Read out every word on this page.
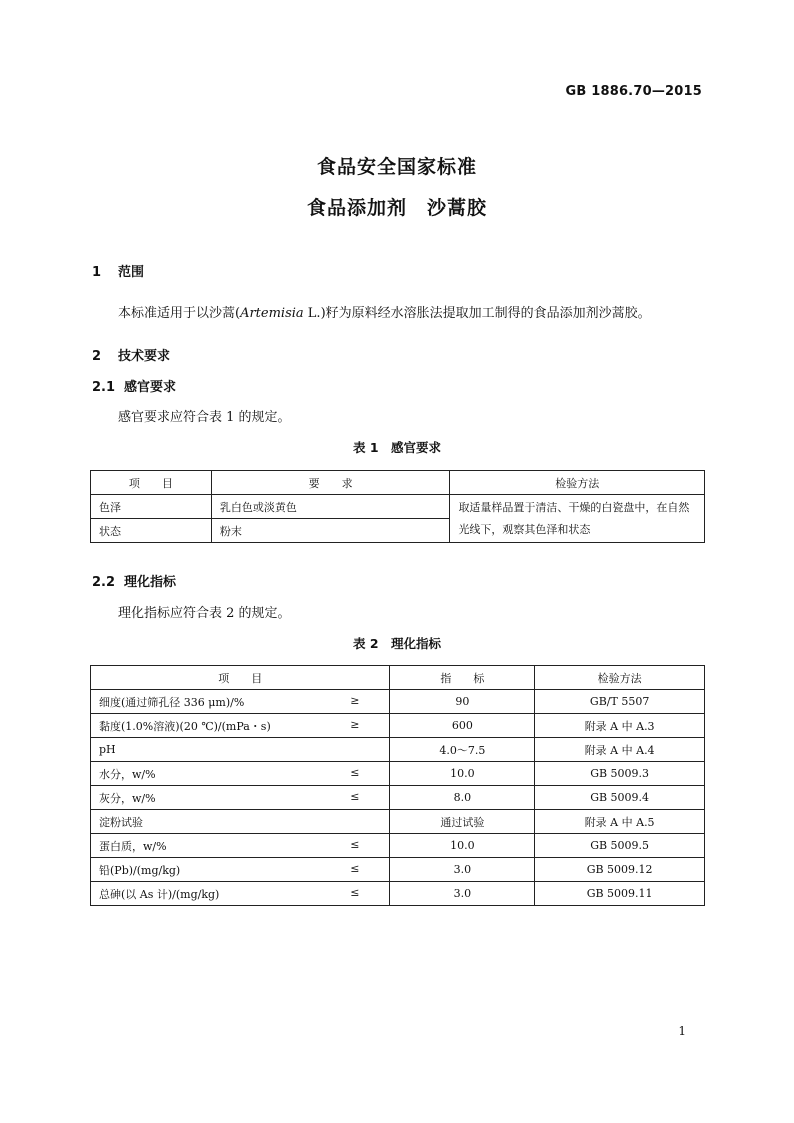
GB 1886.70—2015
食品安全国家标准
食品添加剂　沙蒿胶
1 范围
本标准适用于以沙蒿(Artemisia L.)籽为原料经水溶胀法提取加工制得的食品添加剂沙蒿胶。
2 技术要求
2.1 感官要求
感官要求应符合表 1 的规定。
表 1　感官要求
项　　目	要　　求	检验方法
色泽	乳白色或淡黄色	取适量样品置于清洁、干燥的白瓷盘中，在自然光线下，观察其色泽和状态
状态	粉末	
2.2 理化指标
理化指标应符合表 2 的规定。
表 2　理化指标
项　　目	指　　标	检验方法
细度(通过筛孔径 336 μm)/% ≥	90	GB/T 5507
黏度(1.0%溶液)(20 ℃)/(mPa・s) ≥	600	附录 A 中 A.3
pH	4.0～7.5	附录 A 中 A.4
水分，w/% ≤	10.0	GB 5009.3
灰分，w/% ≤	8.0	GB 5009.4
淀粉试验	通过试验	附录 A 中 A.5
蛋白质，w/% ≤	10.0	GB 5009.5
铅(Pb)/(mg/kg) ≤	3.0	GB 5009.12
总砷(以 As 计)/(mg/kg) ≤	3.0	GB 5009.11
1
